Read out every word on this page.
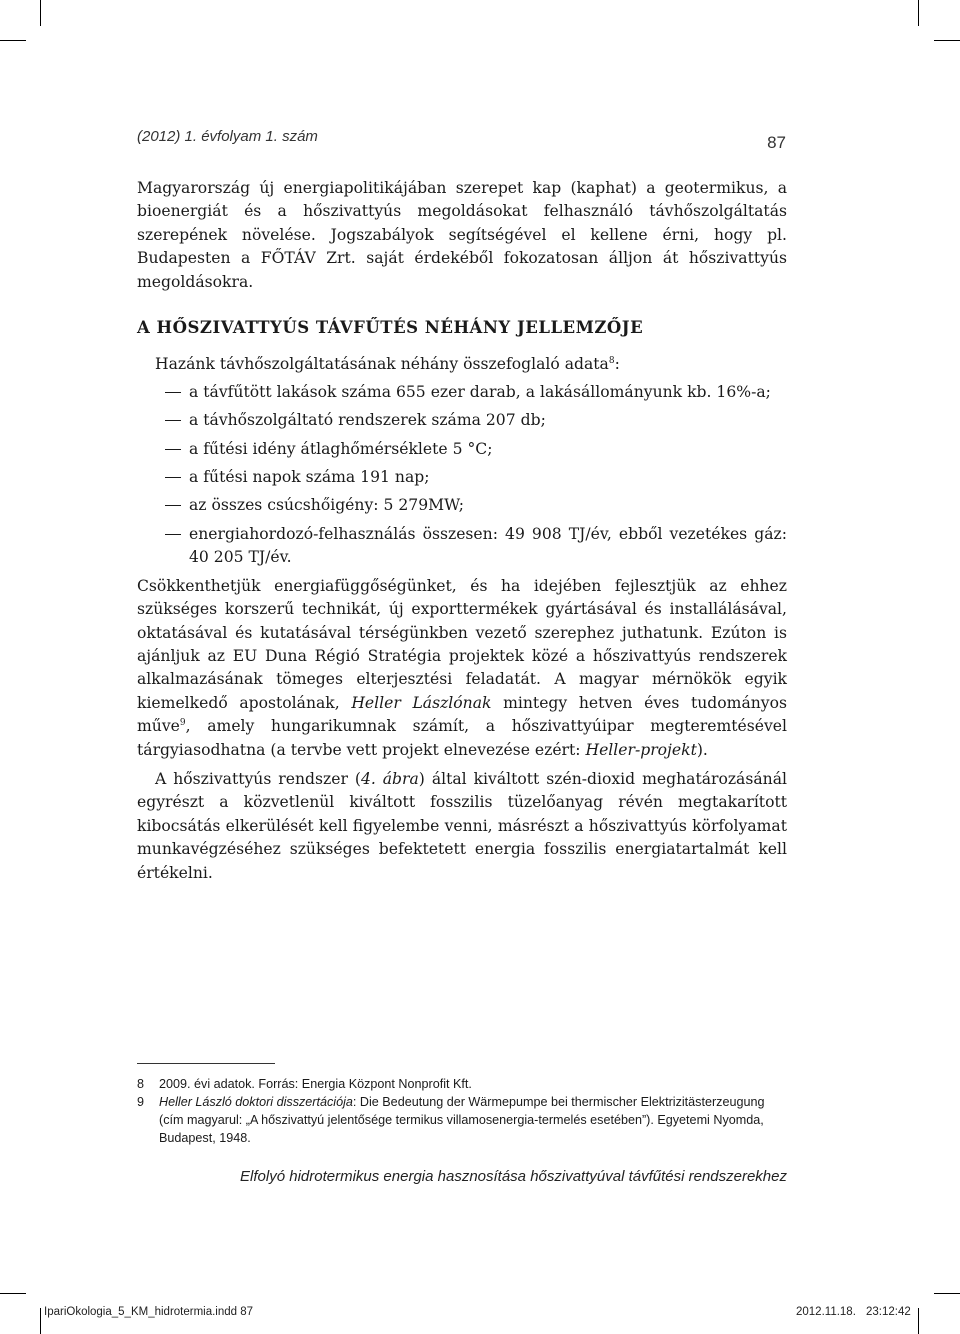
(2012) 1. évfolyam 1. szám	87

Magyarország új energiapolitikájában szerepet kap (kaphat) a geotermikus, a bioenergiát és a hőszivattyús megoldásokat felhasználó távhőszolgáltatás szerepének növelése. Jogszabályok segítségével el kellene érni, hogy pl. Budapesten a FŐTÁV Zrt. saját érdekéből fokozatosan álljon át hőszivattyús megoldásokra.

A HŐSZIVATTYÚS TÁVFŰTÉS NÉHÁNY JELLEMZŐJE

Hazánk távhőszolgáltatásának néhány összefoglaló adata$^8$:

a távfűtött lakások száma 655 ezer darab, a lakásállományunk kb. 16%-a;
a távhőszolgáltató rendszerek száma 207 db;
a fűtési idény átlaghőmérséklete 5 °C;
a fűtési napok száma 191 nap;
az összes csúcshőigény: 5 279MW;
energiahordozó-felhasználás összesen: 49 908 TJ/év, ebből vezetékes gáz: 40 205 TJ/év.

Csökkenthetjük energiafüggőségünket, és ha idejében fejlesztjük az ehhez szükséges korszerű technikát, új exporttermékek gyártásával és installálásával, oktatásával és kutatásával térségünkben vezető szerephez juthatunk. Ezúton is ajánljuk az EU Duna Régió Stratégia projektek közé a hőszivattyús rendszerek alkalmazásának tömeges elterjesztési feladatát. A magyar mérnökök egyik kiemelkedő apostolának, Heller Lászlónak mintegy hetven éves tudományos műve$^9$, amely hungarikumnak számít, a hőszivattyúipar megteremtésével tárgyiasodhatna (a tervbe vett projekt elnevezése ezért: Heller-projekt).

A hőszivattyús rendszer (4. ábra) által kiváltott szén-dioxid meghatározásánál egyrészt a közvetlenül kiváltott fosszilis tüzelőanyag révén megtakarított kibocsátás elkerülését kell figyelembe venni, másrészt a hőszivattyús körfolyamat munkavégzéséhez szükséges befektetett energia fosszilis energiatartalmát kell értékelni.

8	2009. évi adatok. Forrás: Energia Központ Nonprofit Kft.
9	Heller László doktori disszertációja: Die Bedeutung der Wärmepumpe bei thermischer Elektrizitästerzeugung (cím magyarul: „A hőszivattyú jelentősége termikus villamosenergia-termelés esetében”). Egyetemi Nyomda, Budapest, 1948.
Elfolyó hidrotermikus energia hasznosítása hőszivattyúval távfűtési rendszerekhez
IpariOkologia_5_KM_hidrotermia.indd 87	2012.11.18. 23:12:42
